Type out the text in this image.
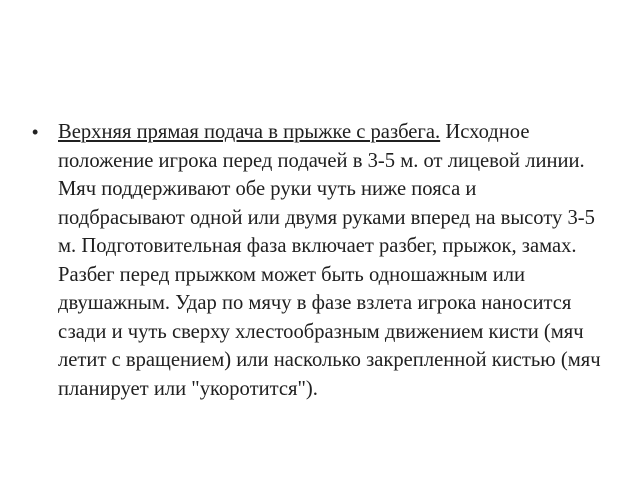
• Верхняя прямая подача в прыжке с разбега. Исходное положение игрока перед подачей в 3-5 м. от лицевой линии. Мяч поддерживают обе руки чуть ниже пояса и подбрасывают одной или двумя руками вперед на высоту 3-5 м. Подготовительная фаза включает разбег, прыжок, замах. Разбег перед прыжком может быть одношажным или двушажным. Удар по мячу в фазе взлета игрока наносится сзади и чуть сверху хлестообразным движением кисти (мяч летит с вращением) или насколько закрепленной кистью (мяч планирует или "укоротится").
